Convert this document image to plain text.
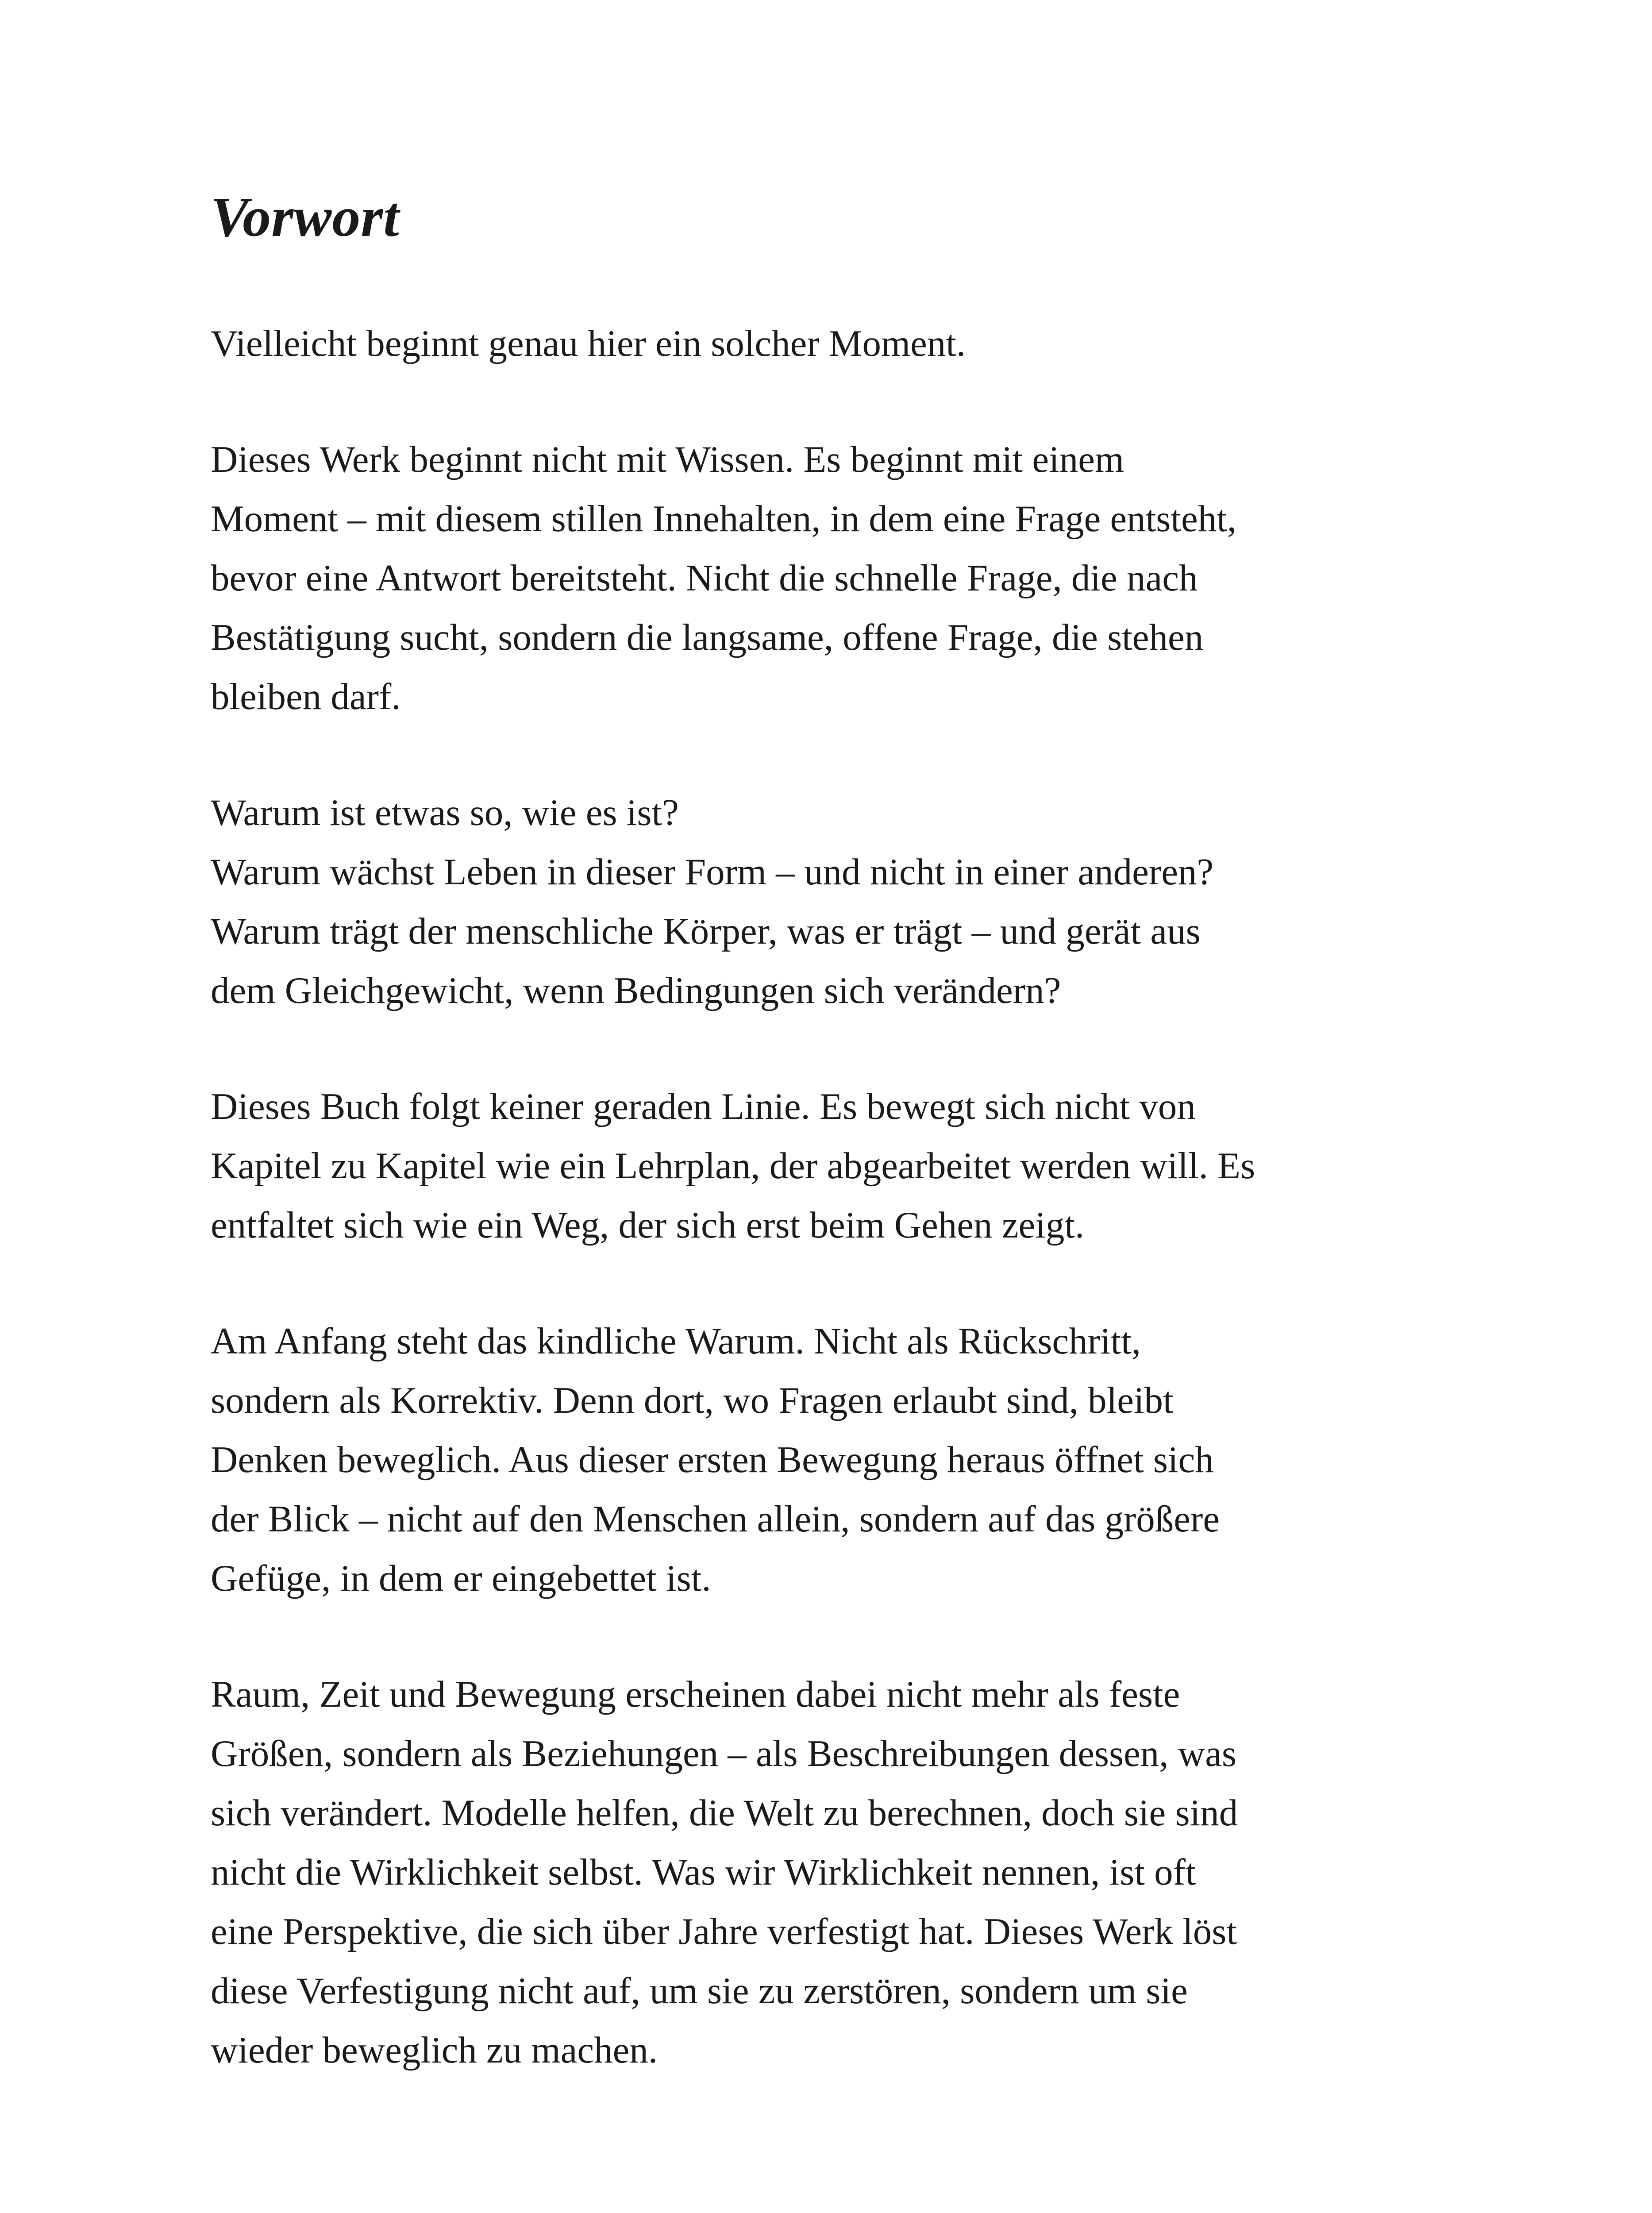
Vorwort

Vielleicht beginnt genau hier ein solcher Moment.

Dieses Werk beginnt nicht mit Wissen. Es beginnt mit einem
Moment – mit diesem stillen Innehalten, in dem eine Frage entsteht,
bevor eine Antwort bereitsteht. Nicht die schnelle Frage, die nach
Bestätigung sucht, sondern die langsame, offene Frage, die stehen
bleiben darf.

Warum ist etwas so, wie es ist?
Warum wächst Leben in dieser Form – und nicht in einer anderen?
Warum trägt der menschliche Körper, was er trägt – und gerät aus
dem Gleichgewicht, wenn Bedingungen sich verändern?

Dieses Buch folgt keiner geraden Linie. Es bewegt sich nicht von
Kapitel zu Kapitel wie ein Lehrplan, der abgearbeitet werden will. Es
entfaltet sich wie ein Weg, der sich erst beim Gehen zeigt.

Am Anfang steht das kindliche Warum. Nicht als Rückschritt,
sondern als Korrektiv. Denn dort, wo Fragen erlaubt sind, bleibt
Denken beweglich. Aus dieser ersten Bewegung heraus öffnet sich
der Blick – nicht auf den Menschen allein, sondern auf das größere
Gefüge, in dem er eingebettet ist.

Raum, Zeit und Bewegung erscheinen dabei nicht mehr als feste
Größen, sondern als Beziehungen – als Beschreibungen dessen, was
sich verändert. Modelle helfen, die Welt zu berechnen, doch sie sind
nicht die Wirklichkeit selbst. Was wir Wirklichkeit nennen, ist oft
eine Perspektive, die sich über Jahre verfestigt hat. Dieses Werk löst
diese Verfestigung nicht auf, um sie zu zerstören, sondern um sie
wieder beweglich zu machen.
